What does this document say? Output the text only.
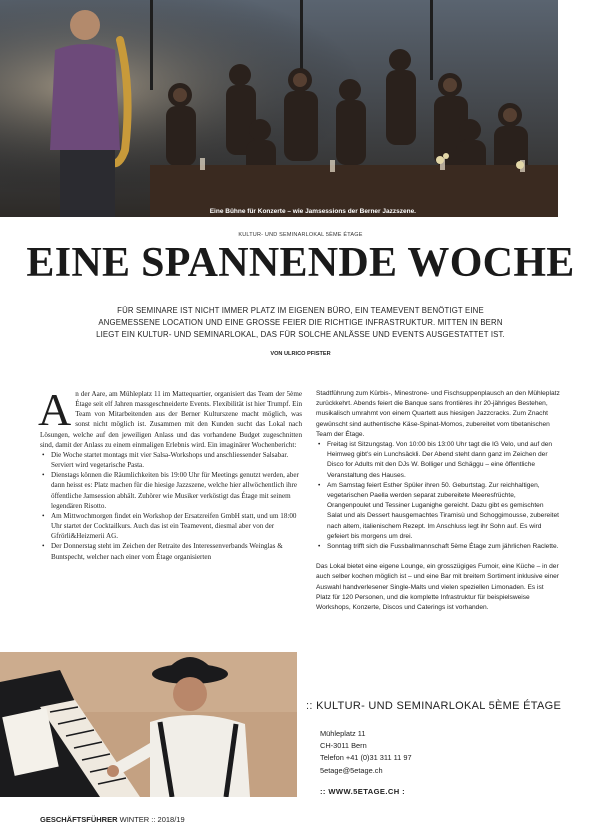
Eine Bühne für Konzerte – wie Jamsessions der Berner Jazzszene.
KULTUR- UND SEMINARLOKAL 5ÈME ÉTAGE
EINE SPANNENDE WOCHE
FÜR SEMINARE IST NICHT IMMER PLATZ IM EIGENEN BÜRO, EIN TEAMEVENT BENÖTIGT EINE ANGEMESSENE LOCATION UND EINE GROSSE FEIER DIE RICHTIGE INFRASTRUKTUR. MITTEN IN BERN LIEGT EIN KULTUR- UND SEMINARLOKAL, DAS FÜR SOLCHE ANLÄSSE UND EVENTS AUSGESTATTET IST.
VON ULRICO PFISTER

An der Aare, am Mühleplatz 11 im Mattequartier, organisiert das Team der 5ème Étage seit elf Jahren massgeschneiderte Events. Flexibilität ist hier Trumpf. Ein Team von Mitarbeitenden aus der Berner Kulturszene macht möglich, was sonst nicht möglich ist. Zusammen mit den Kunden sucht das Lokal nach Lösungen, welche auf den jeweiligen Anlass und das vorhandene Budget zugeschnitten sind, damit der Anlass zu einem einmaligen Erlebnis wird. Ein imaginärer Wochenbericht:

• Die Woche startet montags mit vier Salsa-Workshops und anschliessender Salsabar. Serviert wird vegetarische Pasta.
• Dienstags können die Räumlichkeiten bis 19:00 Uhr für Meetings genutzt werden, aber dann heisst es: Platz machen für die hiesige Jazzszene, welche hier allwöchentlich ihre öffentliche Jamsession abhält. Zuhörer wie Musiker verköstigt das Étage mit seinem legendären Risotto.
• Am Mittwochmorgen findet ein Workshop der Ersatzreifen GmbH statt, und um 18:00 Uhr startet der Cocktailkurs. Auch das ist ein Teamevent, diesmal aber von der Gfrörli&Heizmerii AG.
• Der Donnerstag steht im Zeichen der Retraite des Interessenverbands Weinglas & Buntspecht, welcher nach einer vom Étage organisierten

Stadtführung zum Kürbis-, Minestrone- und Fischsuppenplausch an den Mühleplatz zurückkehrt. Abends feiert die Banque sans frontières ihr 20-jähriges Bestehen, musikalisch umrahmt von einem Quartett aus hiesigen Jazzcracks. Zum Znacht gewünscht sind authentische Käse-Spinat-Momos, zubereitet vom tibetanischen Team der Étage.

• Freitag ist Sitzungstag. Von 10:00 bis 13:00 Uhr tagt die IG Velo, und auf den Heimweg gibt’s ein Lunchsäckli. Der Abend steht dann ganz im Zeichen der Disco for Adults mit den DJs W. Bolliger und Schäggu – eine öffentliche Veranstaltung des Hauses.
• Am Samstag feiert Esther Spüler ihren 50. Geburtstag. Zur reichhaltigen, vegetarischen Paella werden separat zubereitete Meeresfrüchte, Orangenpoulet und Tessiner Luganighe gereicht. Dazu gibt es gemischten Salat und als Dessert hausgemachtes Tiramisù und Schoggimousse, zubereitet nach altem, italienischem Rezept. Im Anschluss legt ihr Sohn auf. Es wird gefeiert bis morgens um drei.
• Sonntag trifft sich die Fussballmannschaft 5ème Étage zum jährlichen Raclette.

Das Lokal bietet eine eigene Lounge, ein grosszügiges Fumoir, eine Küche – in der auch selber kochen möglich ist – und eine Bar mit breitem Sortiment inklusive einer Auswahl handverlesener Single-Malts und vielen speziellen Limonaden. Es ist Platz für 120 Personen, und die komplette Infrastruktur für beispielsweise Workshops, Konzerte, Discos und Caterings ist vorhanden.

:: KULTUR- UND SEMINARLOKAL 5ÈME ÉTAGE
Mühleplatz 11
CH-3011 Bern
Telefon +41 (0)31 311 11 97
5etage@5etage.ch
:: WWW.5ETAGE.CH :
GESCHÄFTSFÜHRER WINTER :: 2018/19
